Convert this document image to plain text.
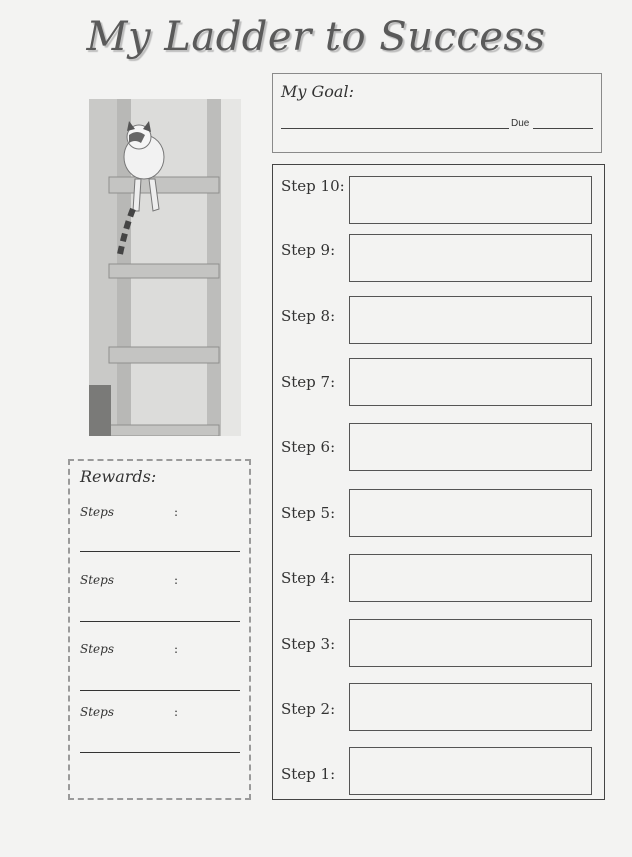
My Ladder to Success
My Goal:
Due
Rewards:
Steps	:
Steps	:
Steps	:
Steps	:
Step 10:
Step 9:
Step 8:
Step 7:
Step 6:
Step 5:
Step 4:
Step 3:
Step 2:
Step 1:
